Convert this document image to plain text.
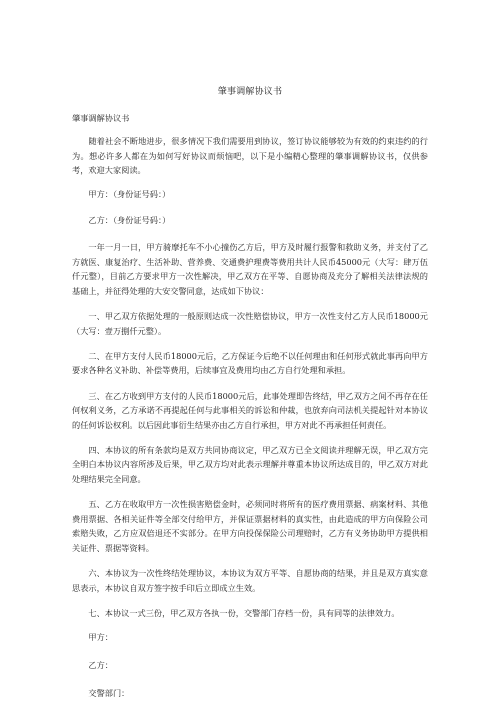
肇事调解协议书
肇事调解协议书

随着社会不断地进步，很多情况下我们需要用到协议，签订协议能够较为有效的约束违约的行为。想必许多人都在为如何写好协议而烦恼吧，以下是小编精心整理的肇事调解协议书，仅供参考，欢迎大家阅读。

甲方：（身份证号码：）

乙方：（身份证号码：）

一年一月一日，甲方骑摩托车不小心撞伤乙方后，甲方及时履行报警和救助义务，并支付了乙方就医、康复治疗、生活补助、营养费、交通费护理费等费用共计人民币45000元（大写：肆万伍仟元整），目前乙方要求甲方一次性解决，甲乙双方在平等、自愿协商及充分了解相关法律法规的基础上，并征得处理的大安交警同意，达成如下协议：

一、甲乙双方依据处理的一般原则达成一次性赔偿协议，甲方一次性支付乙方人民币18000元（大写：壹万捌仟元整）。

二、在甲方支付人民币18000元后，乙方保证今后绝不以任何理由和任何形式就此事再向甲方要求各种名义补助、补偿等费用，后续事宜及费用均由乙方自行处理和承担。

三、在乙方收到甲方支付的人民币18000元后，此事处理即告终结，甲乙双方之间不再存在任何权利义务，乙方承诺不再提起任何与此事相关的诉讼和仲裁，也放弃向司法机关提起针对本协议的任何诉讼权利。以后因此事衍生结果亦由乙方自行承担，甲方对此不再承担任何责任。

四、本协议的所有条款均是双方共同协商议定，甲乙双方已全文阅读并理解无误，甲乙双方完全明白本协议内容所涉及后果，甲乙双方均对此表示理解并尊重本协议所达成目的，甲乙双方对此处理结果完全同意。

五、乙方在收取甲方一次性损害赔偿金时，必须同时将所有的医疗费用票据、病案材料、其他费用票据、各相关证件等全部交付给甲方，并保证票据材料的真实性，由此造成的甲方向保险公司索赔失败，乙方应双倍退还不实部分。在甲方向投保保险公司理赔时，乙方有义务协助甲方提供相关证件、票据等资料。

六、本协议为一次性终结处理协议，本协议为双方平等、自愿协商的结果，并且是双方真实意思表示，本协议自双方签字按手印后立即成立生效。

七、本协议一式三份，甲乙双方各执一份，交警部门存档一份，具有同等的法律效力。

甲方：

乙方：

交警部门：
